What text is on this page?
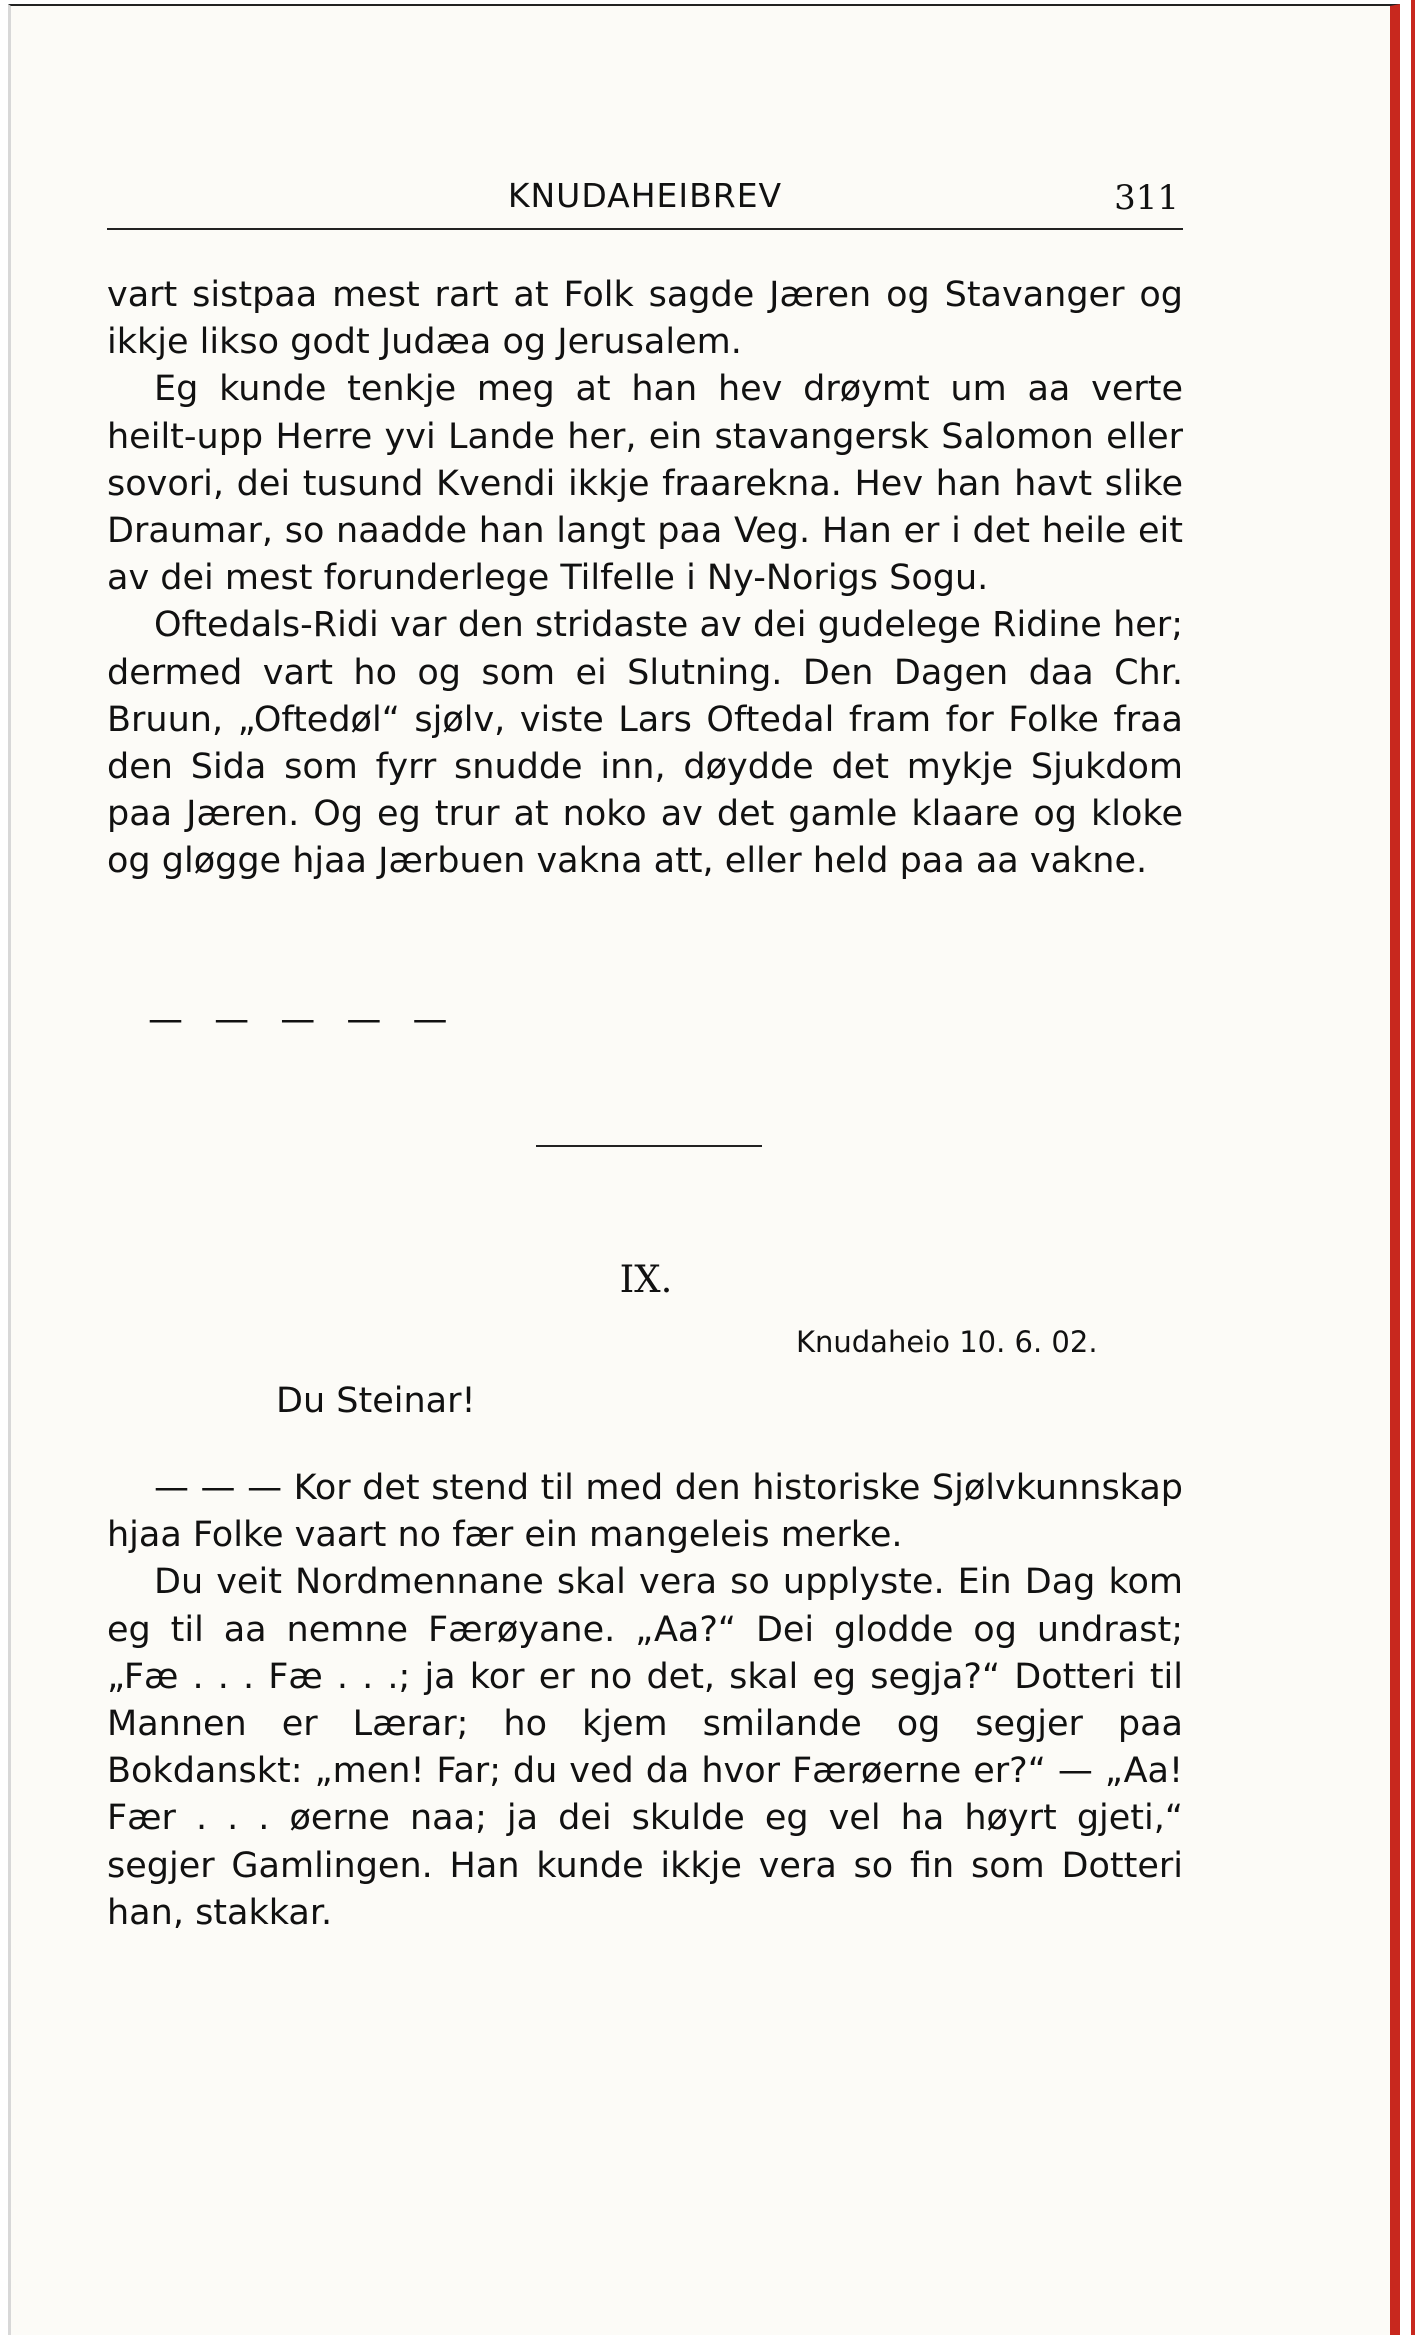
KNUDAHEIBREV	311

vart sistpaa mest rart at Folk sagde Jæren og Stavanger og ikkje likso godt Judæa og Jerusalem.

Eg kunde tenkje meg at han hev drøymt um aa verte heilt-upp Herre yvi Lande her, ein stavangersk Salomon eller sovori, dei tusund Kvendi ikkje fraarekna. Hev han havt slike Draumar, so naadde han langt paa Veg. Han er i det heile eit av dei mest forunderlege Tilfelle i Ny-Norigs Sogu.

Oftedals-Ridi var den stridaste av dei gudelege Ridine her; dermed vart ho og som ei Slutning. Den Dagen daa Chr. Bruun, „Oftedøl“ sjølv, viste Lars Oftedal fram for Folke fraa den Sida som fyrr snudde inn, døydde det mykje Sjukdom paa Jæren. Og eg trur at noko av det gamle klaare og kloke og gløgge hjaa Jærbuen vakna att, eller held paa aa vakne.

— — — — —
IX.
Knudaheio 10. 6. 02.
Du Steinar!

— — — Kor det stend til med den historiske Sjølvkunnskap hjaa Folke vaart no fær ein mangeleis merke.

Du veit Nordmennane skal vera so upplyste. Ein Dag kom eg til aa nemne Færøyane. „Aa?“ Dei glodde og undrast; „Fæ . . . Fæ . . .; ja kor er no det, skal eg segja?“ Dotteri til Mannen er Lærar; ho kjem smilande og segjer paa Bokdanskt: „men! Far; du ved da hvor Færøerne er?“ — „Aa! Fær . . . øerne naa; ja dei skulde eg vel ha høyrt gjeti,“ segjer Gamlingen. Han kunde ikkje vera so fin som Dotteri han, stakkar.
